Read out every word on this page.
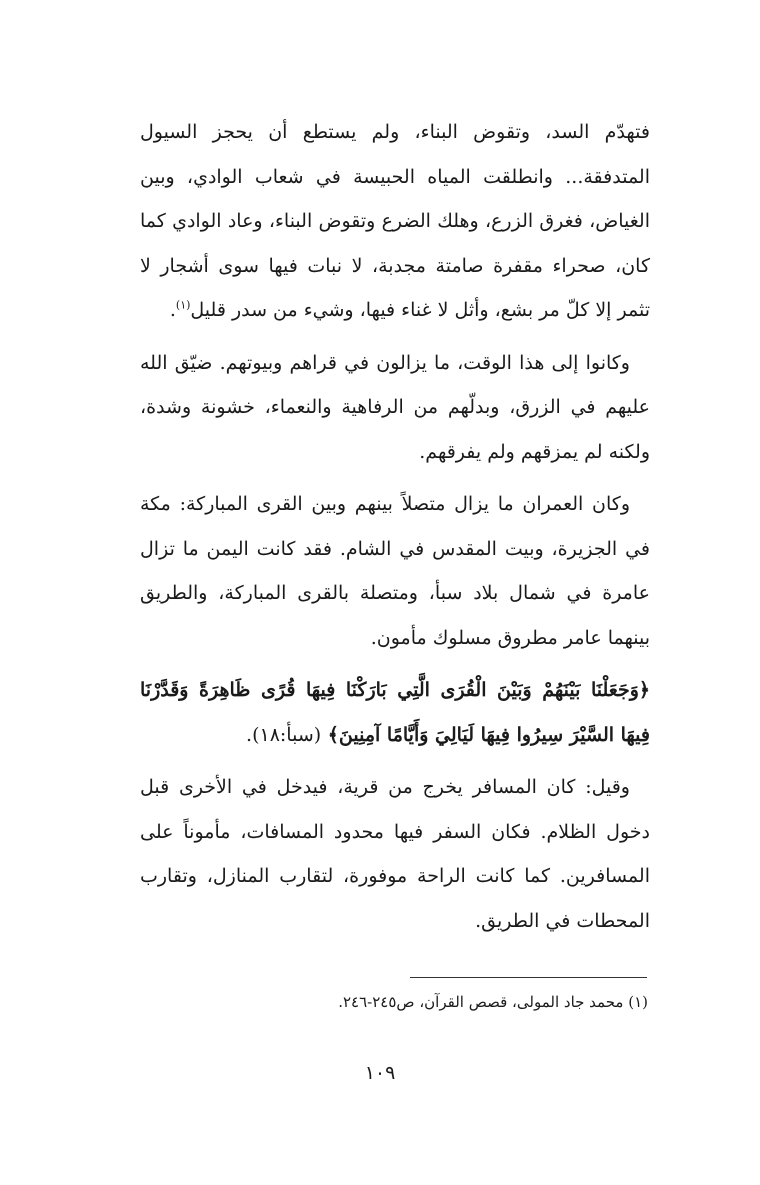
فتهدّم السد، وتقوض البناء، ولم يستطع أن يحجز السيول المتدفقة... وانطلقت المياه الحبيسة في شعاب الوادي، وبين الغياض، فغرق الزرع، وهلك الضرع وتقوض البناء، وعاد الوادي كما كان، صحراء مقفرة صامتة مجدبة، لا نبات فيها سوى أشجار لا تثمر إلا كلّ مر بشع، وأثل لا غناء فيها، وشيء من سدر قليل$^{(١)}$.

وكانوا إلى هذا الوقت، ما يزالون في قراهم وبيوتهم. ضيّق الله عليهم في الزرق، وبدلّهم من الرفاهية والنعماء، خشونة وشدة، ولكنه لم يمزقهم ولم يفرقهم.

وكان العمران ما يزال متصلاً بينهم وبين القرى المباركة: مكة في الجزيرة، وبيت المقدس في الشام. فقد كانت اليمن ما تزال عامرة في شمال بلاد سبأ، ومتصلة بالقرى المباركة، والطريق بينهما عامر مطروق مسلوك مأمون.

﴿وَجَعَلْنَا بَيْنَهُمْ وَبَيْنَ الْقُرَى الَّتِي بَارَكْنَا فِيهَا قُرًى ظَاهِرَةً وَقَدَّرْنَا فِيهَا السَّيْرَ سِيرُوا فِيهَا لَيَالِيَ وَأَيَّامًا آمِنِينَ﴾ (سبأ:١٨).

وقيل: كان المسافر يخرج من قرية، فيدخل في الأخرى قبل دخول الظلام. فكان السفر فيها محدود المسافات، مأموناً على المسافرين. كما كانت الراحة موفورة، لتقارب المنازل، وتقارب المحطات في الطريق.

(١) محمد جاد المولى، قصص القرآن، ص٢٤٥-٢٤٦.
١٠٩
